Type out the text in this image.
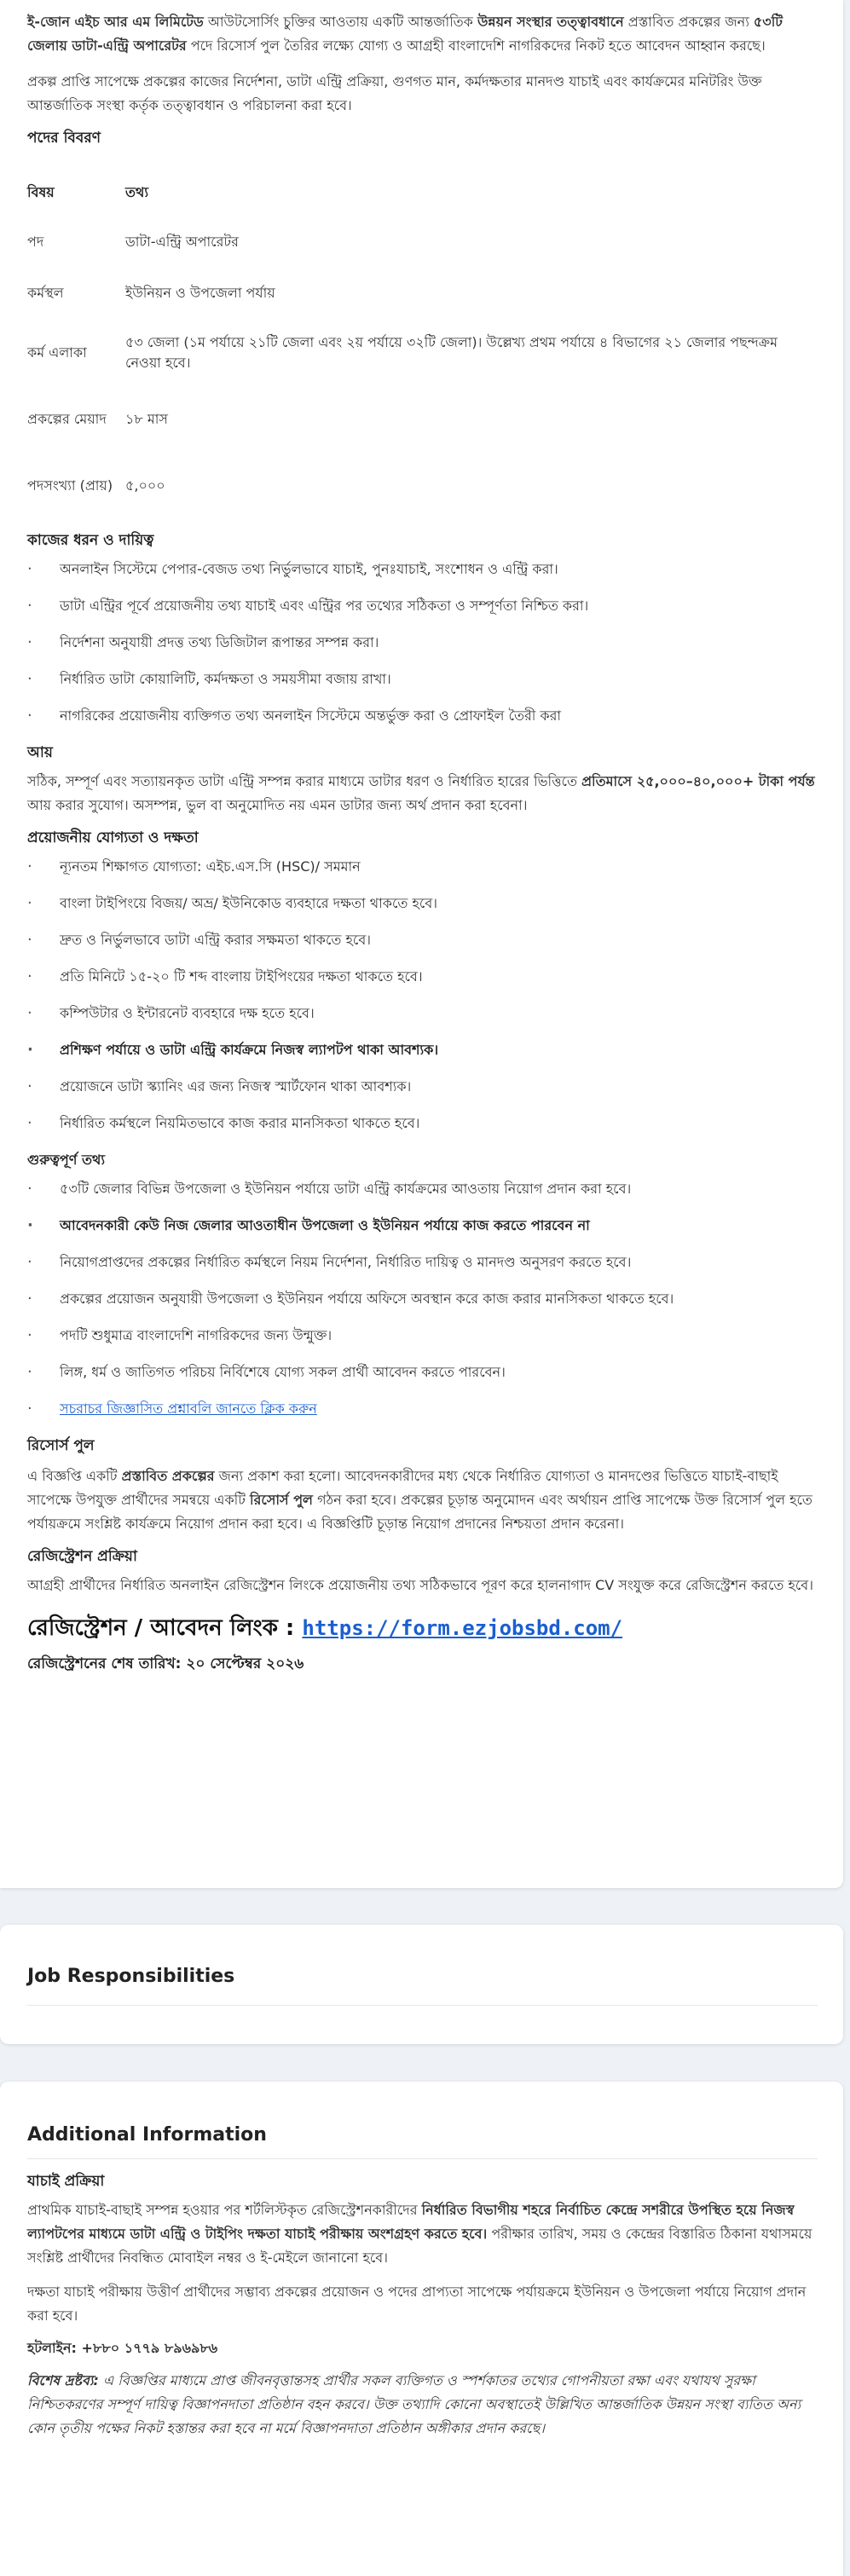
ই-জোন এইচ আর এম লিমিটেড আউটসোর্সিং চুক্তির আওতায় একটি আন্তর্জাতিক উন্নয়ন সংস্থার তত্ত্বাবধানে প্রস্তাবিত প্রকল্পের জন্য ৫৩টি জেলায় ডাটা-এন্ট্রি অপারেটর পদে রিসোর্স পুল তৈরির লক্ষ্যে যোগ্য ও আগ্রহী বাংলাদেশি নাগরিকদের নিকট হতে আবেদন আহ্বান করছে।

প্রকল্প প্রাপ্তি সাপেক্ষে প্রকল্পের কাজের নির্দেশনা, ডাটা এন্ট্রি প্রক্রিয়া, গুণগত মান, কর্মদক্ষতার মানদণ্ড যাচাই এবং কার্যক্রমের মনিটরিং উক্ত আন্তর্জাতিক সংস্থা কর্তৃক তত্ত্বাবধান ও পরিচালনা করা হবে।

পদের বিবরণ
বিষয়	তথ্য
পদ	ডাটা-এন্ট্রি অপারেটর
কর্মস্থল	ইউনিয়ন ও উপজেলা পর্যায়
কর্ম এলাকা	৫৩ জেলা (১ম পর্যায়ে ২১টি জেলা এবং ২য় পর্যায়ে ৩২টি জেলা)। উল্লেখ্য প্রথম পর্যায়ে ৪ বিভাগের ২১ জেলার পছন্দক্রম নেওয়া হবে।
প্রকল্পের মেয়াদ	১৮ মাস
পদসংখ্যা (প্রায়)	৫,০০০
কাজের ধরন ও দায়িত্ব
· অনলাইন সিস্টেমে পেপার-বেজড তথ্য নির্ভুলভাবে যাচাই, পুনঃযাচাই, সংশোধন ও এন্ট্রি করা।
· ডাটা এন্ট্রির পূর্বে প্রয়োজনীয় তথ্য যাচাই এবং এন্ট্রির পর তথ্যের সঠিকতা ও সম্পূর্ণতা নিশ্চিত করা।
· নির্দেশনা অনুযায়ী প্রদত্ত তথ্য ডিজিটাল রূপান্তর সম্পন্ন করা।
· নির্ধারিত ডাটা কোয়ালিটি, কর্মদক্ষতা ও সময়সীমা বজায় রাখা।
· নাগরিকের প্রয়োজনীয় ব্যক্তিগত তথ্য অনলাইন সিস্টেমে অন্তর্ভুক্ত করা ও প্রোফাইল তৈরী করা
আয়

সঠিক, সম্পূর্ণ এবং সত্যায়নকৃত ডাটা এন্ট্রি সম্পন্ন করার মাধ্যমে ডাটার ধরণ ও নির্ধারিত হারের ভিত্তিতে প্রতিমাসে ২৫,০০০–৪০,০০০+ টাকা পর্যন্ত আয় করার সুযোগ। অসম্পন্ন, ভুল বা অনুমোদিত নয় এমন ডাটার জন্য অর্থ প্রদান করা হবেনা।

প্রয়োজনীয় যোগ্যতা ও দক্ষতা
· ন্যূনতম শিক্ষাগত যোগ্যতা: এইচ.এস.সি (HSC)/ সমমান
· বাংলা টাইপিংয়ে বিজয়/ অভ্র/ ইউনিকোড ব্যবহারে দক্ষতা থাকতে হবে।
· দ্রুত ও নির্ভুলভাবে ডাটা এন্ট্রি করার সক্ষমতা থাকতে হবে।
· প্রতি মিনিটে ১৫-২০ টি শব্দ বাংলায় টাইপিংয়ের দক্ষতা থাকতে হবে।
· কম্পিউটার ও ইন্টারনেট ব্যবহারে দক্ষ হতে হবে।
· প্রশিক্ষণ পর্যায়ে ও ডাটা এন্ট্রি কার্যক্রমে নিজস্ব ল্যাপটপ থাকা আবশ্যক।
· প্রয়োজনে ডাটা স্ক্যানিং এর জন্য নিজস্ব স্মার্টফোন থাকা আবশ্যক।
· নির্ধারিত কর্মস্থলে নিয়মিতভাবে কাজ করার মানসিকতা থাকতে হবে।
গুরুত্বপূর্ণ তথ্য
· ৫৩টি জেলার বিভিন্ন উপজেলা ও ইউনিয়ন পর্যায়ে ডাটা এন্ট্রি কার্যক্রমের আওতায় নিয়োগ প্রদান করা হবে।
· আবেদনকারী কেউ নিজ জেলার আওতাধীন উপজেলা ও ইউনিয়ন পর্যায়ে কাজ করতে পারবেন না
· নিয়োগপ্রাপ্তদের প্রকল্পের নির্ধারিত কর্মস্থলে নিয়ম নির্দেশনা, নির্ধারিত দায়িত্ব ও মানদণ্ড অনুসরণ করতে হবে।
· প্রকল্পের প্রয়োজন অনুযায়ী উপজেলা ও ইউনিয়ন পর্যায়ে অফিসে অবস্থান করে কাজ করার মানসিকতা থাকতে হবে।
· পদটি শুধুমাত্র বাংলাদেশি নাগরিকদের জন্য উন্মুক্ত।
· লিঙ্গ, ধর্ম ও জাতিগত পরিচয় নির্বিশেষে যোগ্য সকল প্রার্থী আবেদন করতে পারবেন।
· সচরাচর জিজ্ঞাসিত প্রশ্নাবলি জানতে ক্লিক করুন
রিসোর্স পুল

এ বিজ্ঞপ্তি একটি প্রস্তাবিত প্রকল্পের জন্য প্রকাশ করা হলো। আবেদনকারীদের মধ্য থেকে নির্ধারিত যোগ্যতা ও মানদণ্ডের ভিত্তিতে যাচাই-বাছাই সাপেক্ষে উপযুক্ত প্রার্থীদের সমন্বয়ে একটি রিসোর্স পুল গঠন করা হবে। প্রকল্পের চূড়ান্ত অনুমোদন এবং অর্থায়ন প্রাপ্তি সাপেক্ষে উক্ত রিসোর্স পুল হতে পর্যায়ক্রমে সংশ্লিষ্ট কার্যক্রমে নিয়োগ প্রদান করা হবে। এ বিজ্ঞপ্তিটি চূড়ান্ত নিয়োগ প্রদানের নিশ্চয়তা প্রদান করেনা।

রেজিস্ট্রেশন প্রক্রিয়া

আগ্রহী প্রার্থীদের নির্ধারিত অনলাইন রেজিস্ট্রেশন লিংকে প্রয়োজনীয় তথ্য সঠিকভাবে পূরণ করে হালনাগাদ CV সংযুক্ত করে রেজিস্ট্রেশন করতে হবে।

রেজিস্ট্রেশন / আবেদন লিংক : https://form.ezjobsbd.com/
রেজিস্ট্রেশনের শেষ তারিখ: ২০ সেপ্টেম্বর ২০২৬
Job Responsibilities
Additional Information
যাচাই প্রক্রিয়া

প্রাথমিক যাচাই-বাছাই সম্পন্ন হওয়ার পর শর্টলিস্টকৃত রেজিস্ট্রেশনকারীদের নির্ধারিত বিভাগীয় শহরে নির্বাচিত কেন্দ্রে সশরীরে উপস্থিত হয়ে নিজস্ব ল্যাপটপের মাধ্যমে ডাটা এন্ট্রি ও টাইপিং দক্ষতা যাচাই পরীক্ষায় অংশগ্রহণ করতে হবে। পরীক্ষার তারিখ, সময় ও কেন্দ্রের বিস্তারিত ঠিকানা যথাসময়ে সংশ্লিষ্ট প্রার্থীদের নিবন্ধিত মোবাইল নম্বর ও ই-মেইলে জানানো হবে।

দক্ষতা যাচাই পরীক্ষায় উত্তীর্ণ প্রার্থীদের সম্ভাব্য প্রকল্পের প্রয়োজন ও পদের প্রাপ্যতা সাপেক্ষে পর্যায়ক্রমে ইউনিয়ন ও উপজেলা পর্যায়ে নিয়োগ প্রদান করা হবে।

হটলাইন: +৮৮০ ১৭৭৯ ৮৯৬৯৮৬

বিশেষ দ্রষ্টব্য: এ বিজ্ঞপ্তির মাধ্যমে প্রাপ্ত জীবনবৃত্তান্তসহ প্রার্থীর সকল ব্যক্তিগত ও স্পর্শকাতর তথ্যের গোপনীয়তা রক্ষা এবং যথাযথ সুরক্ষা নিশ্চিতকরণের সম্পূর্ণ দায়িত্ব বিজ্ঞাপনদাতা প্রতিষ্ঠান বহন করবে। উক্ত তথ্যাদি কোনো অবস্থাতেই উল্লিখিত আন্তর্জাতিক উন্নয়ন সংস্থা ব্যতিত অন্য কোন তৃতীয় পক্ষের নিকট হস্তান্তর করা হবে না মর্মে বিজ্ঞাপনদাতা প্রতিষ্ঠান অঙ্গীকার প্রদান করছে।
